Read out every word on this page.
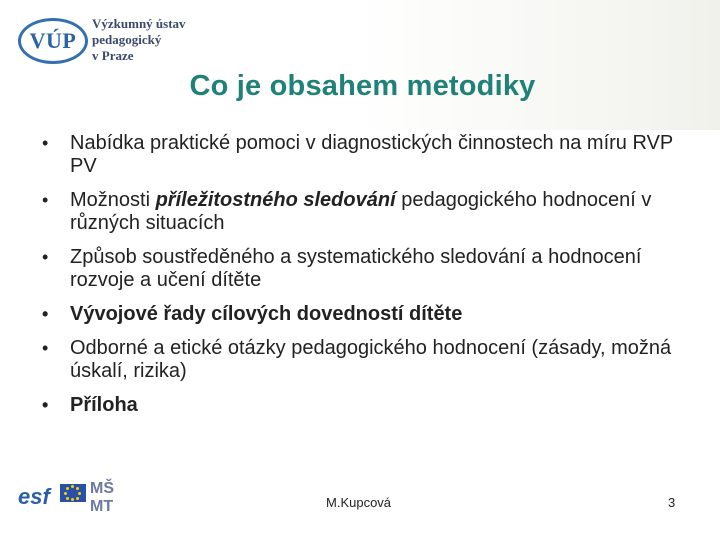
VÚP
Výzkumný ústav
pedagogický
v Praze
Co je obsahem metodiky
• Nabídka praktické pomoci v diagnostických činnostech na míru RVP PV
• Možnosti příležitostného sledování pedagogického hodnocení v různých situacích
• Způsob soustředěného a systematického sledování a hodnocení rozvoje a učení dítěte
• Vývojové řady cílových dovedností dítěte
• Odborné a etické otázky pedagogického hodnocení (zásady, možná úskalí, rizika)
• Příloha
esf	MŠ
MT	M.Kupcová	3
